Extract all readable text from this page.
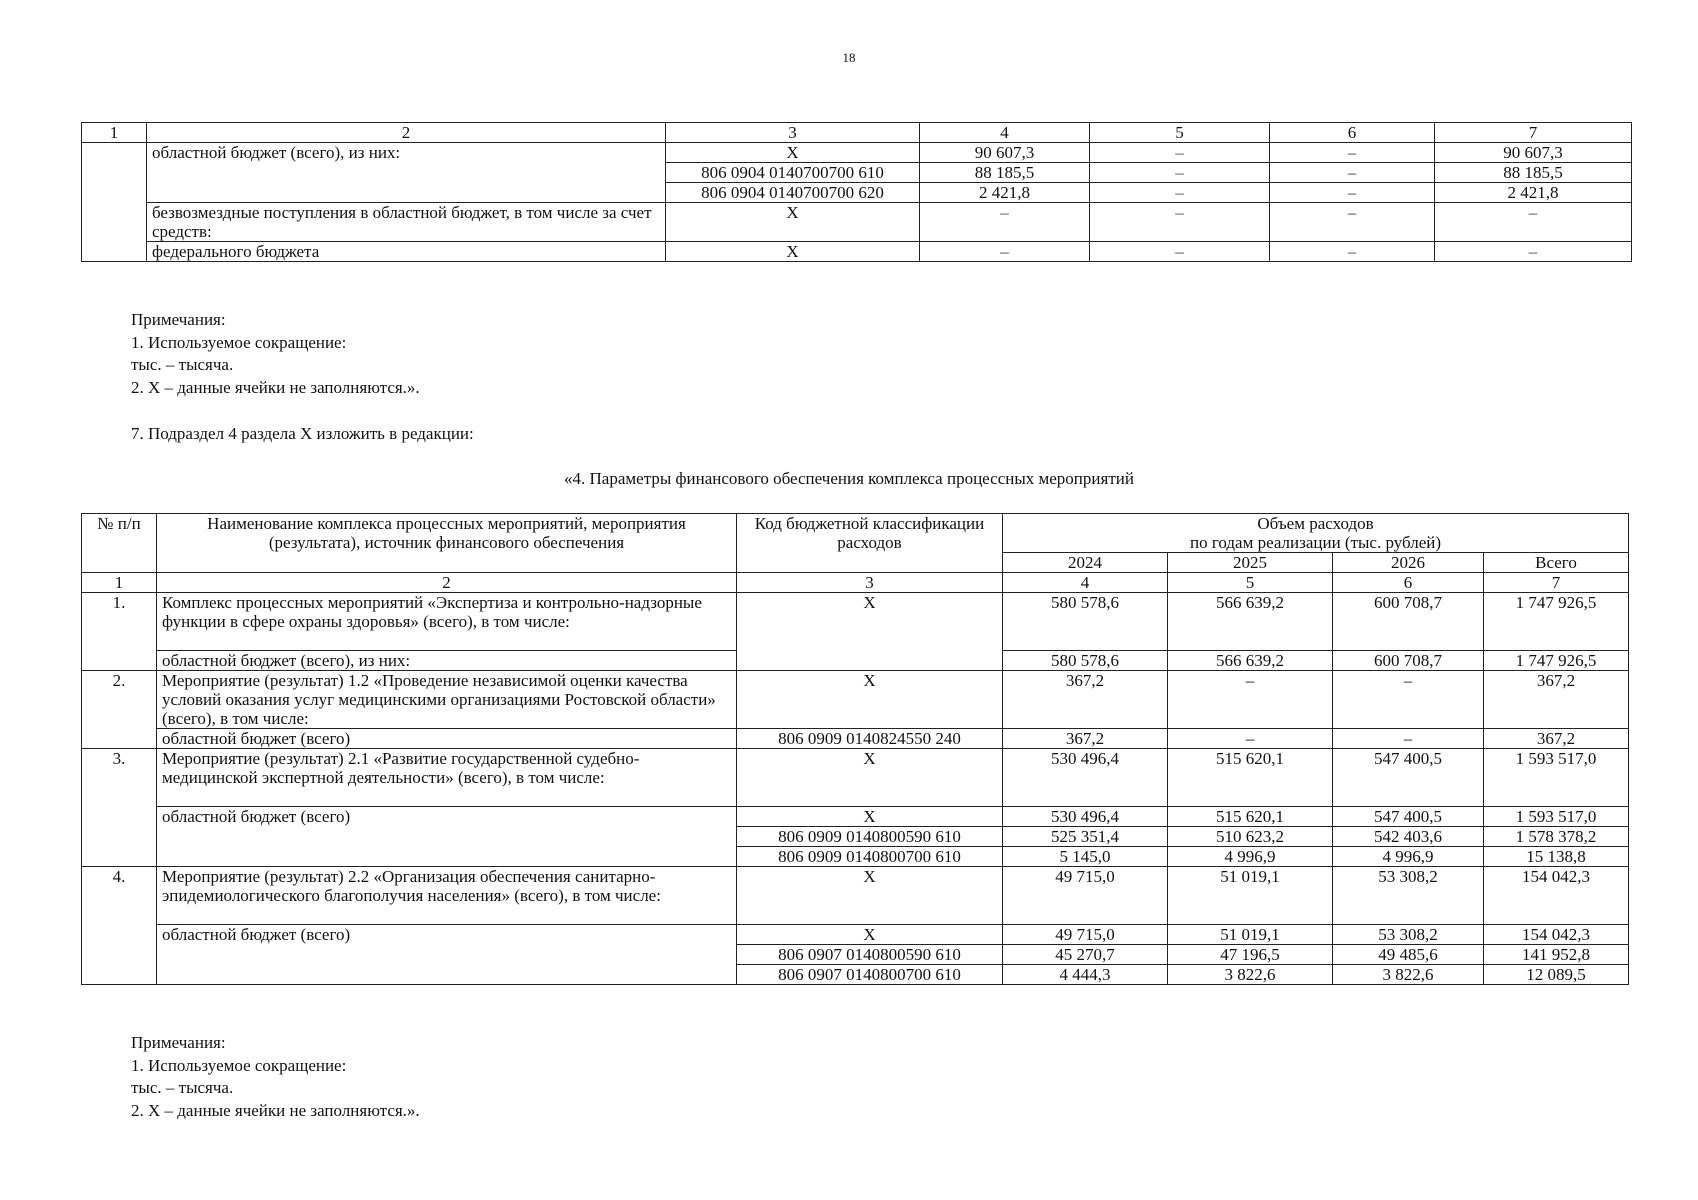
18
1	2	3	4	5	6	7
	областной бюджет (всего), из них:	Х	90 607,3	–	–	90 607,3
		806 0904 0140700700 610	88 185,5	–	–	88 185,5
		806 0904 0140700700 620	2 421,8	–	–	2 421,8
	безвозмездные поступления в областной бюджет, в том числе за счет средств:	Х	–	–	–	–
	федерального бюджета	Х	–	–	–	–
Примечания:
1. Используемое сокращение:
тыс. – тысяча.
2. Х – данные ячейки не заполняются.».
7. Подраздел 4 раздела X изложить в редакции:
«4. Параметры финансового обеспечения комплекса процессных мероприятий
№ п/п	Наименование комплекса процессных мероприятий, мероприятия (результата), источник финансового обеспечения	Код бюджетной классификации расходов	Объем расходов
по годам реализации (тыс. рублей)			

			2024	2025	2026	Всего
1	2	3	4	5	6	7
1.	Комплекс процессных мероприятий «Экспертиза и контрольно-надзорные функции в сфере охраны здоровья» (всего), в том числе:	Х	580 578,6	566 639,2	600 708,7	1 747 926,5
	областной бюджет (всего), из них:		580 578,6	566 639,2	600 708,7	1 747 926,5
2.	Мероприятие (результат) 1.2 «Проведение независимой оценки качества условий оказания услуг медицинскими организациями Ростовской области» (всего), в том числе:	Х	367,2	–	–	367,2
	областной бюджет (всего)	806 0909 0140824550 240	367,2	–	–	367,2
3.	Мероприятие (результат) 2.1 «Развитие государственной судебно-медицинской экспертной деятельности» (всего), в том числе:	Х	530 496,4	515 620,1	547 400,5	1 593 517,0
	областной бюджет (всего)	Х	530 496,4	515 620,1	547 400,5	1 593 517,0
		806 0909 0140800590 610	525 351,4	510 623,2	542 403,6	1 578 378,2
		806 0909 0140800700 610	5 145,0	4 996,9	4 996,9	15 138,8
4.	Мероприятие (результат) 2.2 «Организация обеспечения санитарно-эпидемиологического благополучия населения» (всего), в том числе:	Х	49 715,0	51 019,1	53 308,2	154 042,3
	областной бюджет (всего)	Х	49 715,0	51 019,1	53 308,2	154 042,3
		806 0907 0140800590 610	45 270,7	47 196,5	49 485,6	141 952,8
		806 0907 0140800700 610	4 444,3	3 822,6	3 822,6	12 089,5
Примечания:
1. Используемое сокращение:
тыс. – тысяча.
2. Х – данные ячейки не заполняются.».
